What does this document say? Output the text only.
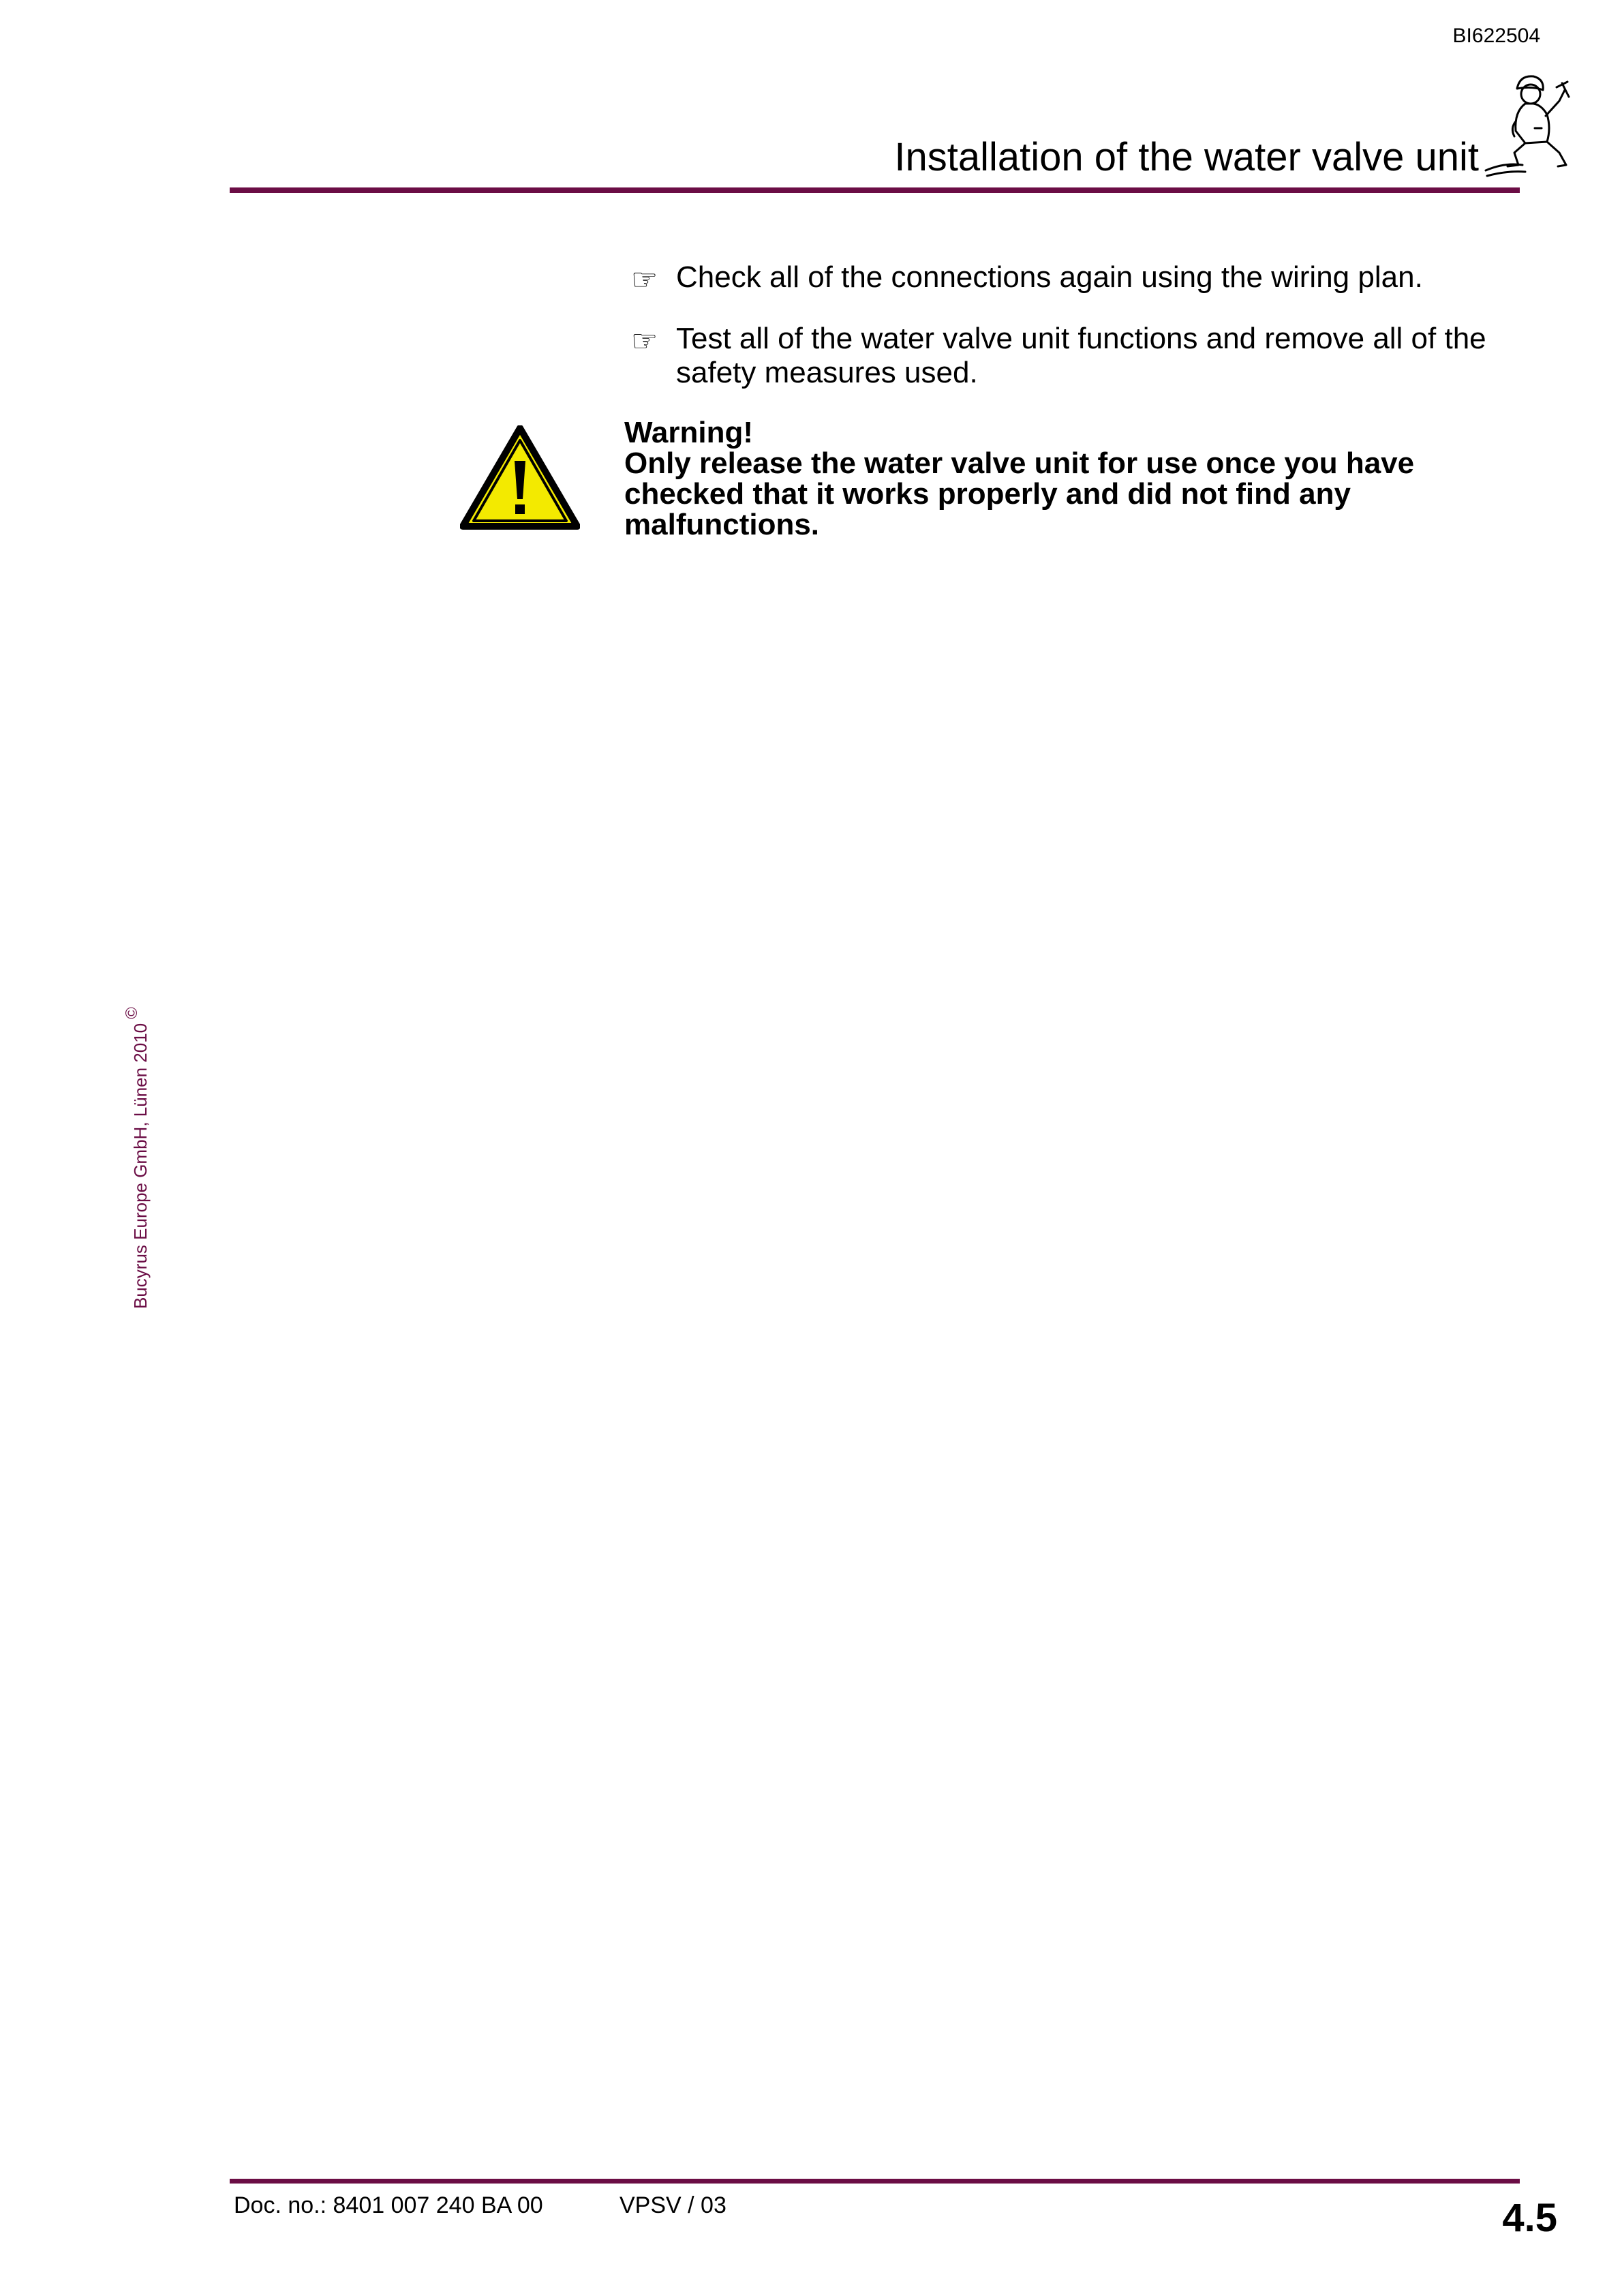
BI622504
Installation of the water valve unit
☞ Check all of the connections again using the wiring plan.
☞ Test all of the water valve unit functions and remove all of the safety measures used.
Warning!
Only release the water valve unit for use once you have
checked that it works properly and did not find any
malfunctions.
Bucyrus Europe GmbH, Lünen 2010©
Doc. no.: 8401 007 240 BA 00	VPSV / 03	4.5
